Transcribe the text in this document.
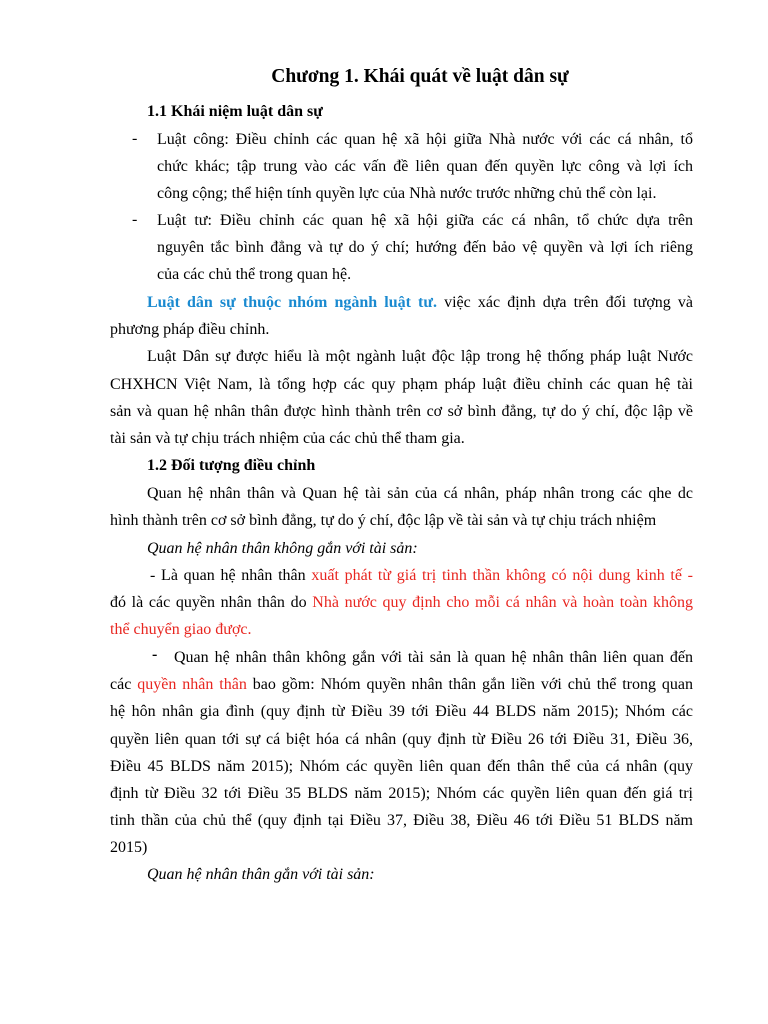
Chương 1. Khái quát về luật dân sự
1.1 Khái niệm luật dân sự
- Luật công: Điều chỉnh các quan hệ xã hội giữa Nhà nước với các cá nhân, tổ
chức khác; tập trung vào các vấn đề liên quan đến quyền lực công và lợi ích
công cộng; thể hiện tính quyền lực của Nhà nước trước những chủ thể còn lại.
- Luật tư: Điều chỉnh các quan hệ xã hội giữa các cá nhân, tổ chức dựa trên
nguyên tắc bình đẳng và tự do ý chí; hướng đến bảo vệ quyền và lợi ích riêng
của các chủ thể trong quan hệ.
Luật dân sự thuộc nhóm ngành luật tư. việc xác định dựa trên đối tượng và
phương pháp điều chỉnh.
Luật Dân sự được hiểu là một ngành luật độc lập trong hệ thống pháp luật Nước
CHXHCN Việt Nam, là tổng hợp các quy phạm pháp luật điều chỉnh các quan hệ tài
sản và quan hệ nhân thân được hình thành trên cơ sở bình đẳng, tự do ý chí, độc lập về
tài sản và tự chịu trách nhiệm của các chủ thể tham gia.
1.2 Đối tượng điều chỉnh
Quan hệ nhân thân và Quan hệ tài sản của cá nhân, pháp nhân trong các qhe dc
hình thành trên cơ sở bình đẳng, tự do ý chí, độc lập về tài sản và tự chịu trách nhiệm
Quan hệ nhân thân không gắn với tài sản:
- Là quan hệ nhân thân xuất phát từ giá trị tinh thần không có nội dung kinh tế -
đó là các quyền nhân thân do Nhà nước quy định cho mỗi cá nhân và hoàn toàn không
thể chuyển giao được.
- Quan hệ nhân thân không gắn với tài sản là quan hệ nhân thân liên quan đến
các quyền nhân thân bao gồm: Nhóm quyền nhân thân gắn liền với chủ thể trong quan
hệ hôn nhân gia đình (quy định từ Điều 39 tới Điều 44 BLDS năm 2015); Nhóm các
quyền liên quan tới sự cá biệt hóa cá nhân (quy định từ Điều 26 tới Điều 31, Điều 36,
Điều 45 BLDS năm 2015); Nhóm các quyền liên quan đến thân thể của cá nhân (quy
định từ Điều 32 tới Điều 35 BLDS năm 2015); Nhóm các quyền liên quan đến giá trị
tinh thần của chủ thể (quy định tại Điều 37, Điều 38, Điều 46 tới Điều 51 BLDS năm
2015)
Quan hệ nhân thân gắn với tài sản:
